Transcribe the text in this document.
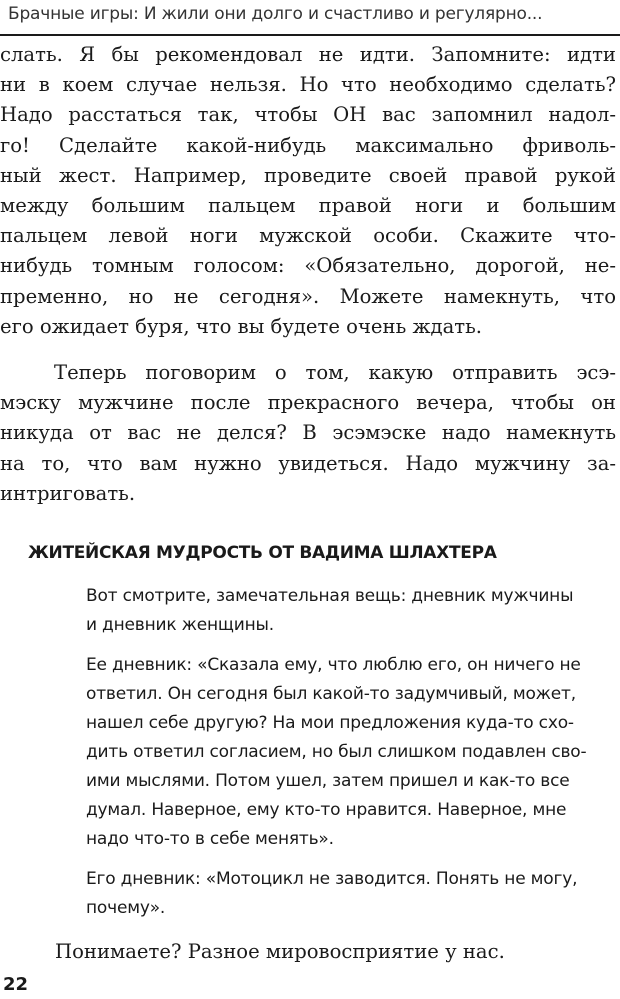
Брачные игры: И жили они долго и счастливо и регулярно...

слать. Я бы рекомендовал не идти. Запомните: идти
ни в коем случае нельзя. Но что необходимо сделать?
Надо расстаться так, чтобы ОН вас запомнил надол-
го! Сделайте какой-нибудь максимально фриволь-
ный жест. Например, проведите своей правой рукой
между большим пальцем правой ноги и большим
пальцем левой ноги мужской особи. Скажите что-
нибудь томным голосом: «Обязательно, дорогой, не-
пременно, но не сегодня». Можете намекнуть, что
его ожидает буря, что вы будете очень ждать.

Теперь поговорим о том, какую отправить эсэ-
мэску мужчине после прекрасного вечера, чтобы он
никуда от вас не делся? В эсэмэске надо намекнуть
на то, что вам нужно увидеться. Надо мужчину за-
интриговать.

ЖИТЕЙСКАЯ МУДРОСТЬ ОТ ВАДИМА ШЛАХТЕРА

Вот смотрите, замечательная вещь: дневник мужчины
и дневник женщины.

Ее дневник: «Сказала ему, что люблю его, он ничего не
ответил. Он сегодня был какой-то задумчивый, может,
нашел себе другую? На мои предложения куда-то схо-
дить ответил согласием, но был слишком подавлен сво-
ими мыслями. Потом ушел, затем пришел и как-то все
думал. Наверное, ему кто-то нравится. Наверное, мне
надо что-то в себе менять».

Его дневник: «Мотоцикл не заводится. Понять не могу,
почему».

Понимаете? Разное мировосприятие у нас.
22
